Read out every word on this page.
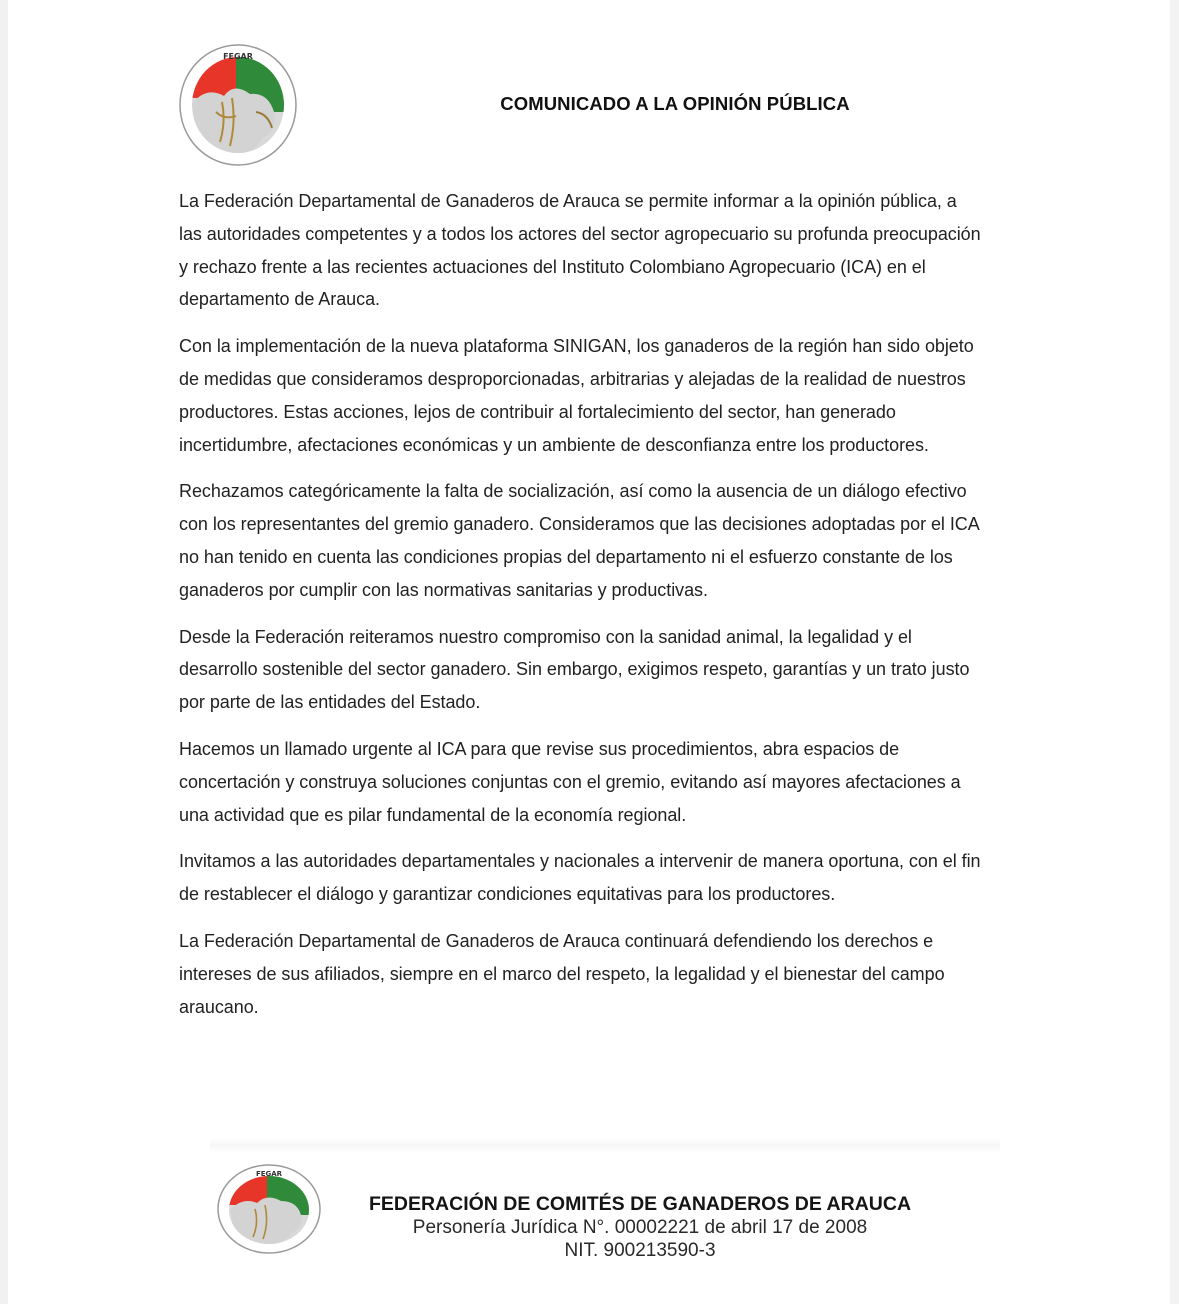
FEGAR
COMUNICADO A LA OPINIÓN PÚBLICA

La Federación Departamental de Ganaderos de Arauca se permite informar a la opinión pública, a
las autoridades competentes y a todos los actores del sector agropecuario su profunda preocupación
y rechazo frente a las recientes actuaciones del Instituto Colombiano Agropecuario (ICA) en el
departamento de Arauca.

Con la implementación de la nueva plataforma SINIGAN, los ganaderos de la región han sido objeto
de medidas que consideramos desproporcionadas, arbitrarias y alejadas de la realidad de nuestros
productores. Estas acciones, lejos de contribuir al fortalecimiento del sector, han generado
incertidumbre, afectaciones económicas y un ambiente de desconfianza entre los productores.

Rechazamos categóricamente la falta de socialización, así como la ausencia de un diálogo efectivo
con los representantes del gremio ganadero. Consideramos que las decisiones adoptadas por el ICA
no han tenido en cuenta las condiciones propias del departamento ni el esfuerzo constante de los
ganaderos por cumplir con las normativas sanitarias y productivas.

Desde la Federación reiteramos nuestro compromiso con la sanidad animal, la legalidad y el
desarrollo sostenible del sector ganadero. Sin embargo, exigimos respeto, garantías y un trato justo
por parte de las entidades del Estado.

Hacemos un llamado urgente al ICA para que revise sus procedimientos, abra espacios de
concertación y construya soluciones conjuntas con el gremio, evitando así mayores afectaciones a
una actividad que es pilar fundamental de la economía regional.

Invitamos a las autoridades departamentales y nacionales a intervenir de manera oportuna, con el fin
de restablecer el diálogo y garantizar condiciones equitativas para los productores.

La Federación Departamental de Ganaderos de Arauca continuará defendiendo los derechos e
intereses de sus afiliados, siempre en el marco del respeto, la legalidad y el bienestar del campo
araucano.

FEGAR
FEDERACIÓN DE COMITÉS DE GANADEROS DE ARAUCA
Personería Jurídica N°. 00002221 de abril 17 de 2008
NIT. 900213590-3
